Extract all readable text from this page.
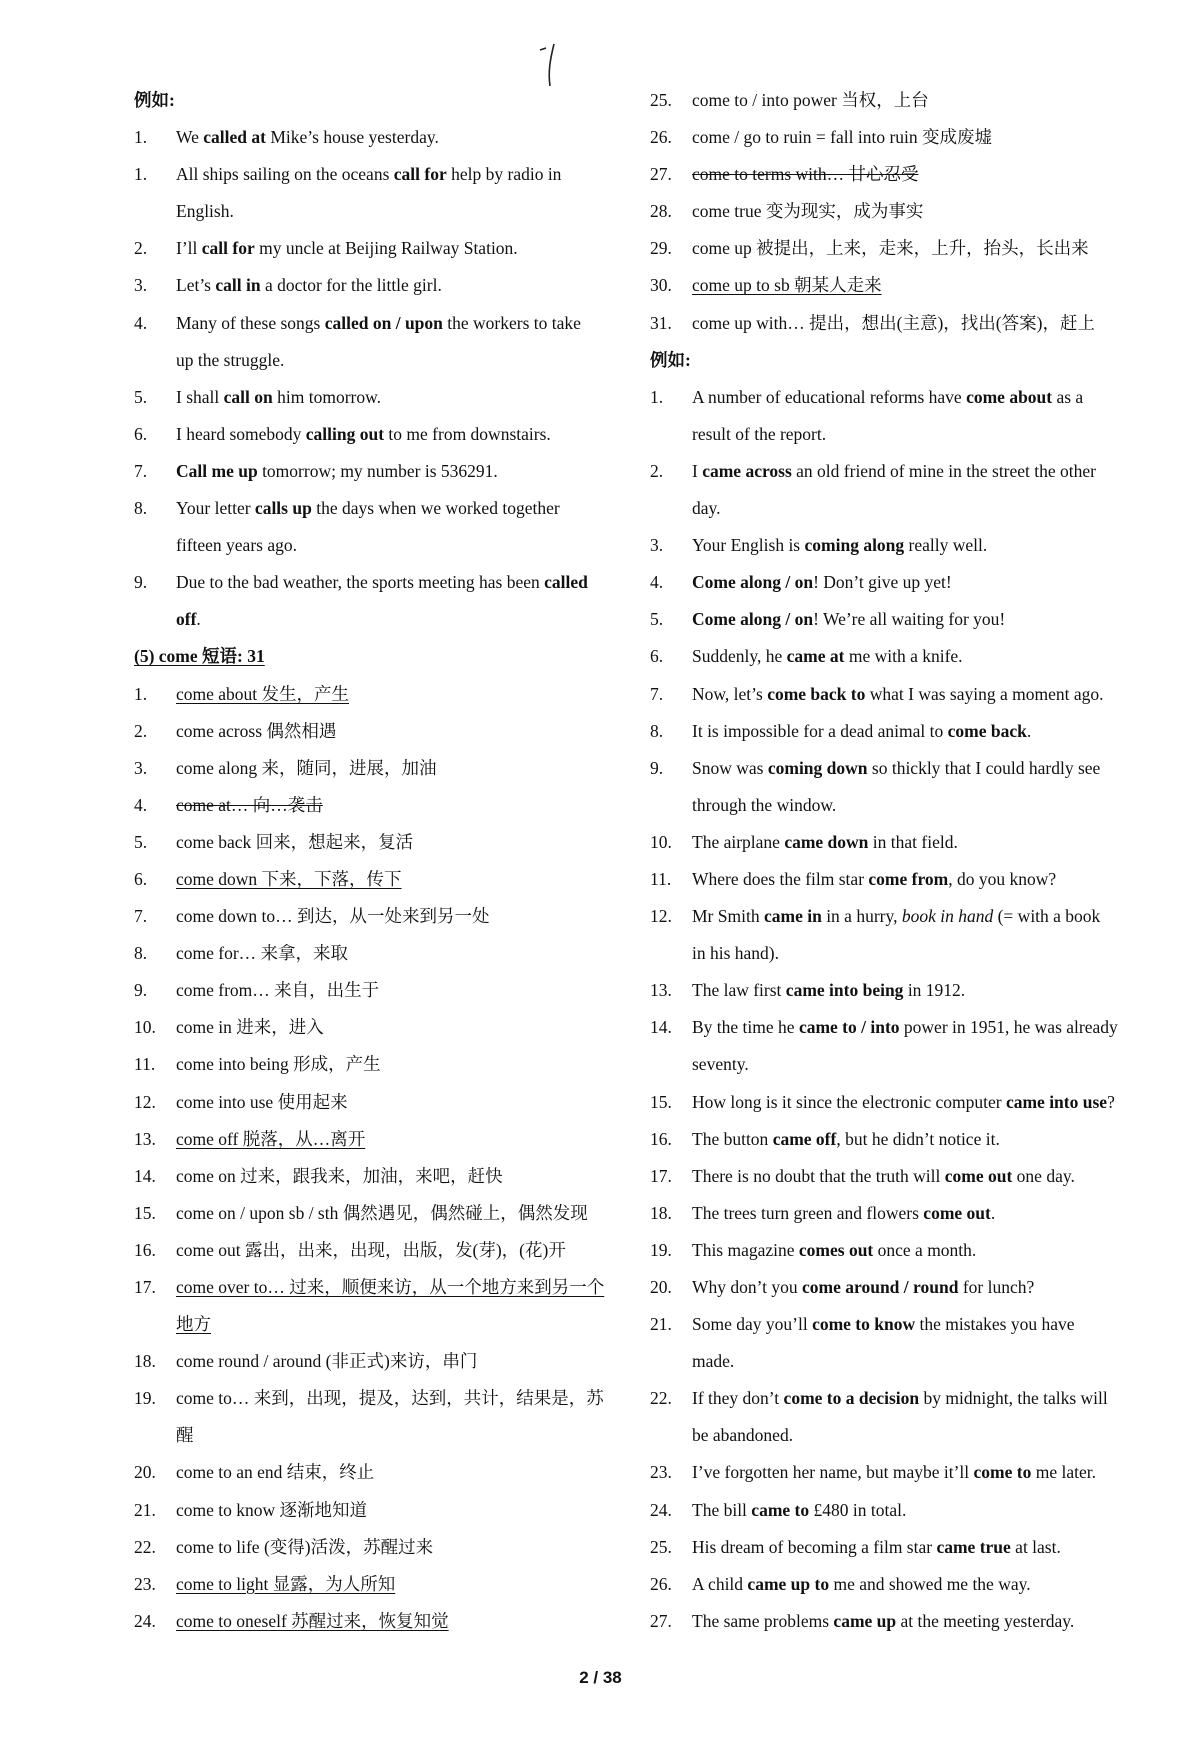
例如:
1. We called at Mike’s house yesterday.
1. All ships sailing on the oceans call for help by radio in
English.
2. I’ll call for my uncle at Beijing Railway Station.
3. Let’s call in a doctor for the little girl.
4. Many of these songs called on / upon the workers to take
up the struggle.
5. I shall call on him tomorrow.
6. I heard somebody calling out to me from downstairs.
7. Call me up tomorrow; my number is 536291.
8. Your letter calls up the days when we worked together
fifteen years ago.
9. Due to the bad weather, the sports meeting has been called
off.
(5) come 短语: 31
1. come about 发生，产生
2. come across 偶然相遇
3. come along 来，随同，进展，加油
4. come at… 向…袭击
5. come back 回来，想起来，复活
6. come down 下来，下落，传下
7. come down to… 到达，从一处来到另一处
8. come for… 来拿，来取
9. come from… 来自，出生于
10. come in 进来，进入
11. come into being 形成，产生
12. come into use 使用起来
13. come off 脱落，从…离开
14. come on 过来，跟我来，加油，来吧，赶快
15. come on / upon sb / sth 偶然遇见，偶然碰上，偶然发现
16. come out 露出，出来，出现，出版，发(芽)，(花)开
17. come over to… 过来，顺便来访，从一个地方来到另一个
地方
18. come round / around (非正式)来访，串门
19. come to… 来到，出现，提及，达到，共计，结果是，苏
醒
20. come to an end 结束，终止
21. come to know 逐渐地知道
22. come to life (变得)活泼，苏醒过来
23. come to light 显露，为人所知
24. come to oneself 苏醒过来，恢复知觉
25. come to / into power 当权，上台
26. come / go to ruin = fall into ruin 变成废墟
27. come to terms with… 甘心忍受
28. come true 变为现实，成为事实
29. come up 被提出，上来，走来，上升，抬头，长出来
30. come up to sb 朝某人走来
31. come up with… 提出，想出(主意)，找出(答案)，赶上
例如:
1. A number of educational reforms have come about as a
result of the report.
2. I came across an old friend of mine in the street the other
day.
3. Your English is coming along really well.
4. Come along / on! Don’t give up yet!
5. Come along / on! We’re all waiting for you!
6. Suddenly, he came at me with a knife.
7. Now, let’s come back to what I was saying a moment ago.
8. It is impossible for a dead animal to come back.
9. Snow was coming down so thickly that I could hardly see
through the window.
10. The airplane came down in that field.
11. Where does the film star come from, do you know?
12. Mr Smith came in in a hurry, book in hand (= with a book
in his hand).
13. The law first came into being in 1912.
14. By the time he came to / into power in 1951, he was already
seventy.
15. How long is it since the electronic computer came into use?
16. The button came off, but he didn’t notice it.
17. There is no doubt that the truth will come out one day.
18. The trees turn green and flowers come out.
19. This magazine comes out once a month.
20. Why don’t you come around / round for lunch?
21. Some day you’ll come to know the mistakes you have
made.
22. If they don’t come to a decision by midnight, the talks will
be abandoned.
23. I’ve forgotten her name, but maybe it’ll come to me later.
24. The bill came to £480 in total.
25. His dream of becoming a film star came true at last.
26. A child came up to me and showed me the way.
27. The same problems came up at the meeting yesterday.
2 / 38
